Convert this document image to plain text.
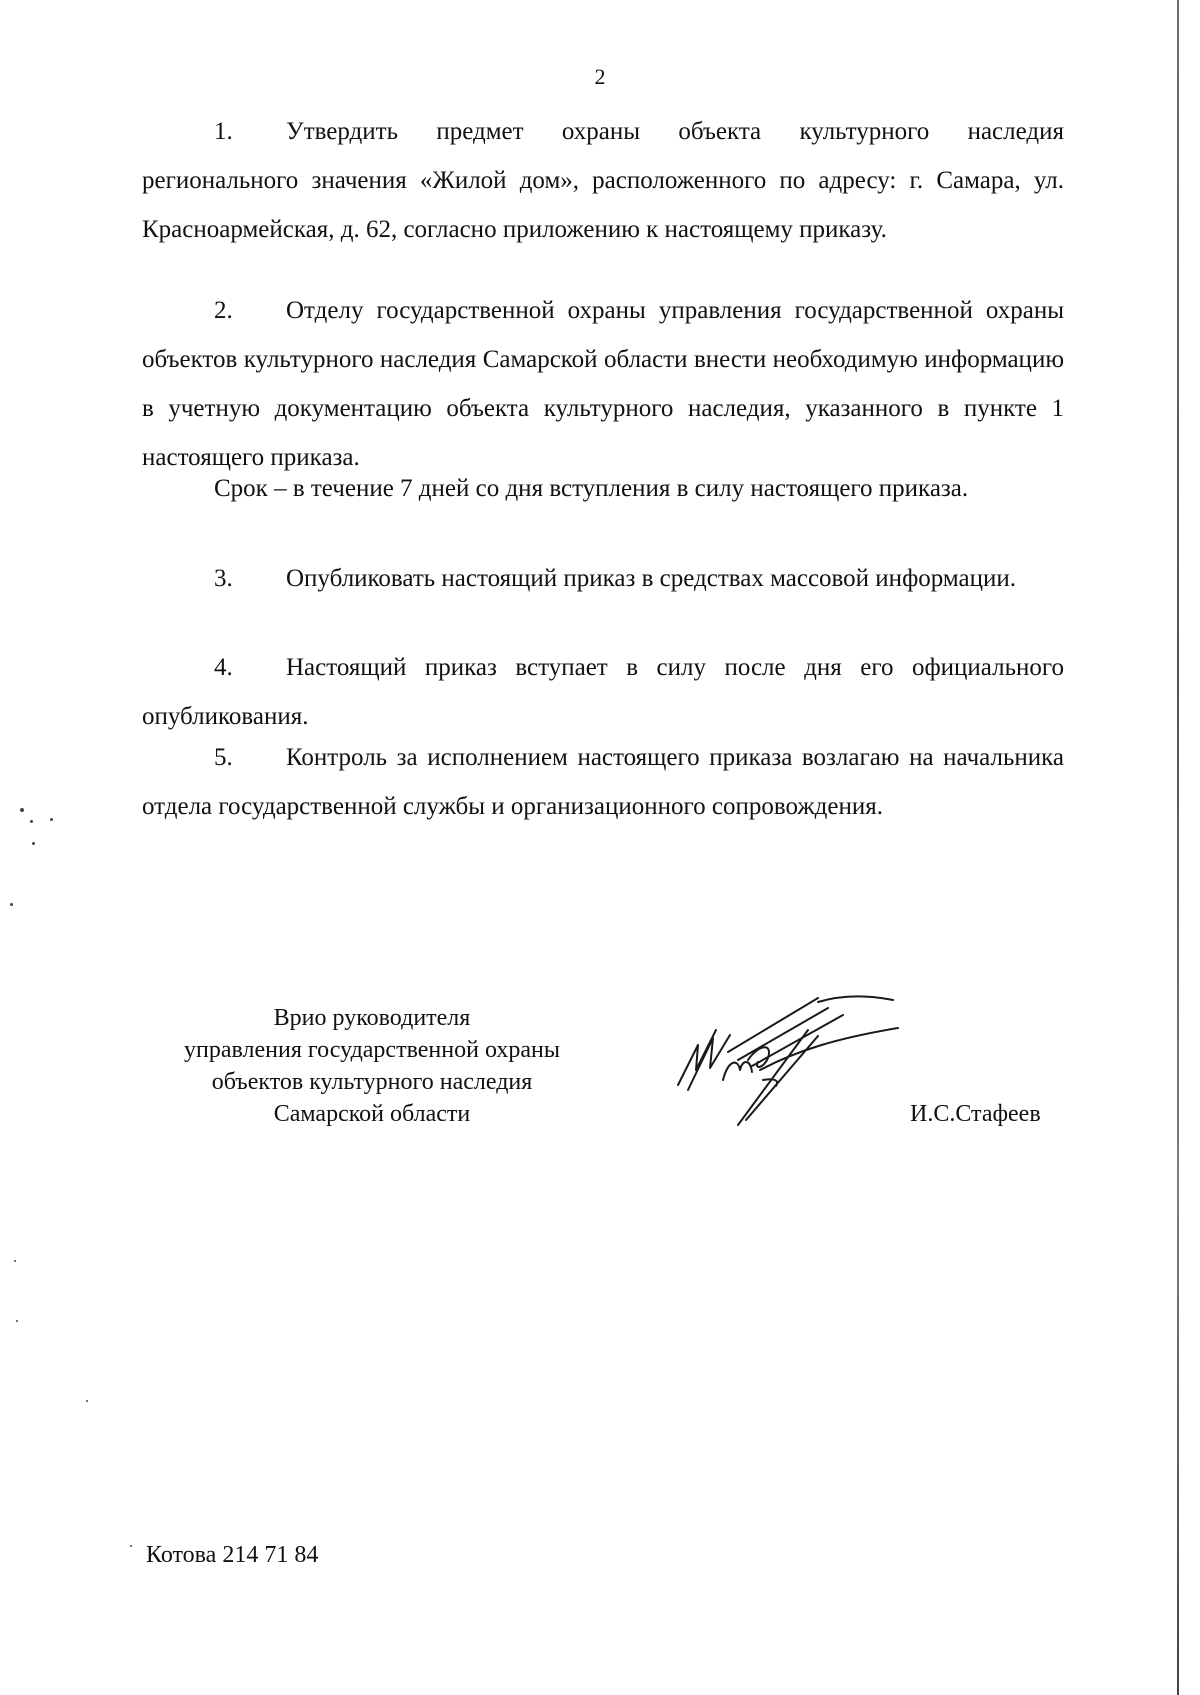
2

1. Утвердить предмет охраны объекта культурного наследия регионального значения «Жилой дом», расположенного по адресу: г. Самара, ул. Красноармейская, д. 62, согласно приложению к настоящему приказу.

2. Отделу государственной охраны управления государственной охраны объектов культурного наследия Самарской области внести необходимую информацию в учетную документацию объекта культурного наследия, указанного в пункте 1 настоящего приказа.

Срок – в течение 7 дней со дня вступления в силу настоящего приказа.

3. Опубликовать настоящий приказ в средствах массовой информации.

4. Настоящий приказ вступает в силу после дня его официального опубликования.

5. Контроль за исполнением настоящего приказа возлагаю на начальника отдела государственной службы и организационного сопровождения.

Врио руководителя
управления государственной охраны
объектов культурного наследия
Самарской области	И.С.Стафеев
Котова 214 71 84
